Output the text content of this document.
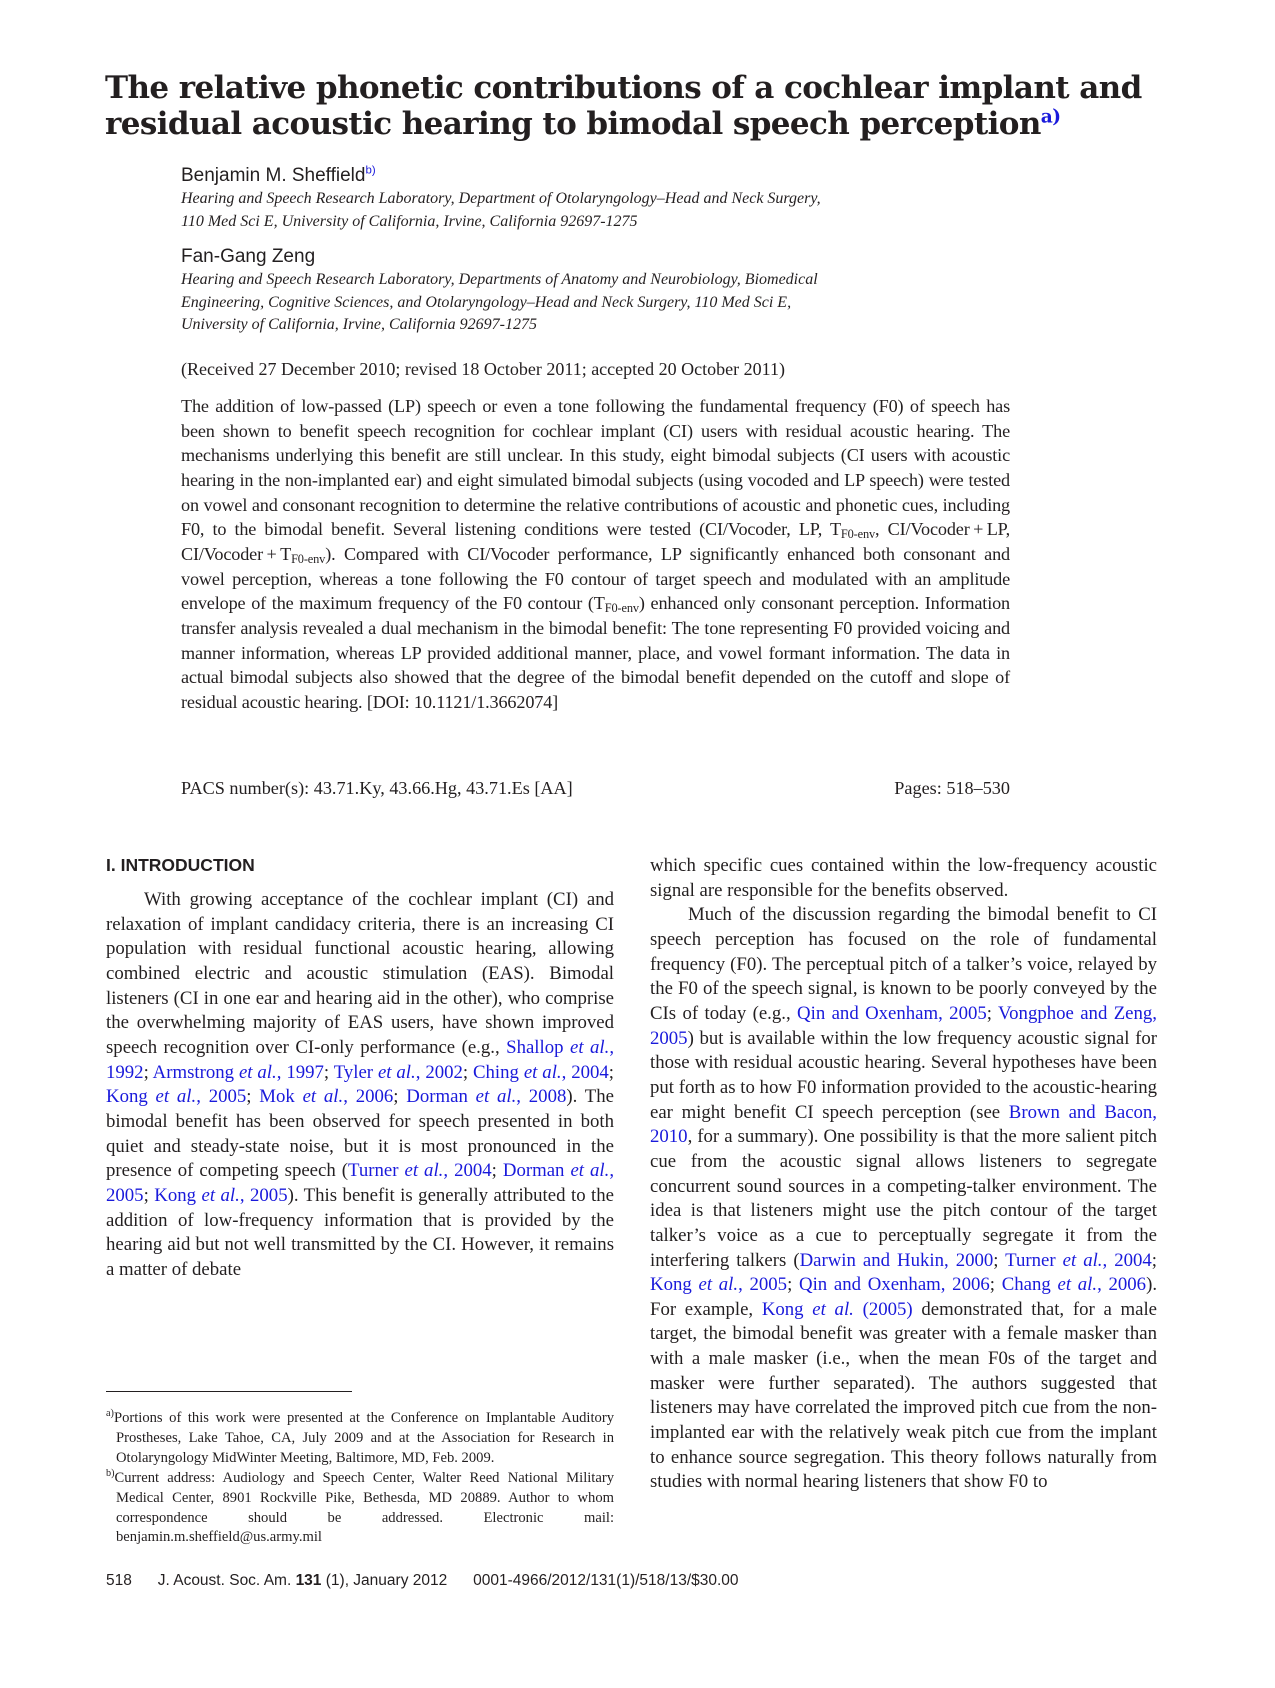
The relative phonetic contributions of a cochlear implant and residual acoustic hearing to bimodal speech perception$^{a)}$

Benjamin M. Sheffield$^{b)}$

Hearing and Speech Research Laboratory, Department of Otolaryngology–Head and Neck Surgery,
110 Med Sci E, University of California, Irvine, California 92697-1275

Fan-Gang Zeng

Hearing and Speech Research Laboratory, Departments of Anatomy and Neurobiology, Biomedical
Engineering, Cognitive Sciences, and Otolaryngology–Head and Neck Surgery, 110 Med Sci E,
University of California, Irvine, California 92697-1275

(Received 27 December 2010; revised 18 October 2011; accepted 20 October 2011)
The addition of low-passed (LP) speech or even a tone following the fundamental frequency (F0) of speech has been shown to benefit speech recognition for cochlear implant (CI) users with residual acoustic hearing. The mechanisms underlying this benefit are still unclear. In this study, eight bimodal subjects (CI users with acoustic hearing in the non-implanted ear) and eight simulated bimodal subjects (using vocoded and LP speech) were tested on vowel and consonant recognition to determine the relative contributions of acoustic and phonetic cues, including F0, to the bimodal benefit. Several listening conditions were tested (CI/Vocoder, LP, $T_{F0-env}$, CI/Vocoder + LP, CI/Vocoder + $T_{F0-env}$). Compared with CI/Vocoder performance, LP significantly enhanced both consonant and vowel perception, whereas a tone following the F0 contour of target speech and modulated with an amplitude envelope of the maximum frequency of the F0 contour $(T_{F0-env})$ enhanced only consonant perception. Information transfer analysis revealed a dual mechanism in the bimodal benefit: The tone representing F0 provided voicing and manner information, whereas LP provided additional manner, place, and vowel formant information. The data in actual bimodal subjects also showed that the degree of the bimodal benefit depended on the cutoff and slope of residual acoustic hearing. [DOI: 10.1121/1.3662074]
PACS number(s): 43.71.Ky, 43.66.Hg, 43.71.Es [AA]	Pages: 518–530
I. INTRODUCTION

With growing acceptance of the cochlear implant (CI) and relaxation of implant candidacy criteria, there is an increasing CI population with residual functional acoustic hearing, allowing combined electric and acoustic stimulation (EAS). Bimodal listeners (CI in one ear and hearing aid in the other), who comprise the overwhelming majority of EAS users, have shown improved speech recognition over CI-only performance (e.g., Shallop et al., 1992; Armstrong et al., 1997; Tyler et al., 2002; Ching et al., 2004; Kong et al., 2005; Mok et al., 2006; Dorman et al., 2008). The bimodal benefit has been observed for speech presented in both quiet and steady-state noise, but it is most pronounced in the presence of competing speech (Turner et al., 2004; Dorman et al., 2005; Kong et al., 2005). This benefit is generally attributed to the addition of low-frequency information that is provided by the hearing aid but not well transmitted by the CI. However, it remains a matter of debate

which specific cues contained within the low-frequency acoustic signal are responsible for the benefits observed.

Much of the discussion regarding the bimodal benefit to CI speech perception has focused on the role of fundamental frequency (F0). The perceptual pitch of a talker’s voice, relayed by the F0 of the speech signal, is known to be poorly conveyed by the CIs of today (e.g., Qin and Oxenham, 2005; Vongphoe and Zeng, 2005) but is available within the low frequency acoustic signal for those with residual acoustic hearing. Several hypotheses have been put forth as to how F0 information provided to the acoustic-hearing ear might benefit CI speech perception (see Brown and Bacon, 2010, for a summary). One possibility is that the more salient pitch cue from the acoustic signal allows listeners to segregate concurrent sound sources in a competing-talker environment. The idea is that listeners might use the pitch contour of the target talker’s voice as a cue to perceptually segregate it from the interfering talkers (Darwin and Hukin, 2000; Turner et al., 2004; Kong et al., 2005; Qin and Oxenham, 2006; Chang et al., 2006). For example, Kong et al. (2005) demonstrated that, for a male target, the bimodal benefit was greater with a female masker than with a male masker (i.e., when the mean F0s of the target and masker were further separated). The authors suggested that listeners may have correlated the improved pitch cue from the non-implanted ear with the relatively weak pitch cue from the implant to enhance source segregation. This theory follows naturally from studies with normal hearing listeners that show F0 to

$^{a)}$Portions of this work were presented at the Conference on Implantable Auditory Prostheses, Lake Tahoe, CA, July 2009 and at the Association for Research in Otolaryngology MidWinter Meeting, Baltimore, MD, Feb. 2009.

$^{b)}$Current address: Audiology and Speech Center, Walter Reed National Military Medical Center, 8901 Rockville Pike, Bethesda, MD 20889. Author to whom correspondence should be addressed. Electronic mail: benjamin.m.sheffield@us.army.mil

518
J. Acoust. Soc. Am.
131
(1), January 2012
0001-4966/2012/131(1)/518/13/$30.00
